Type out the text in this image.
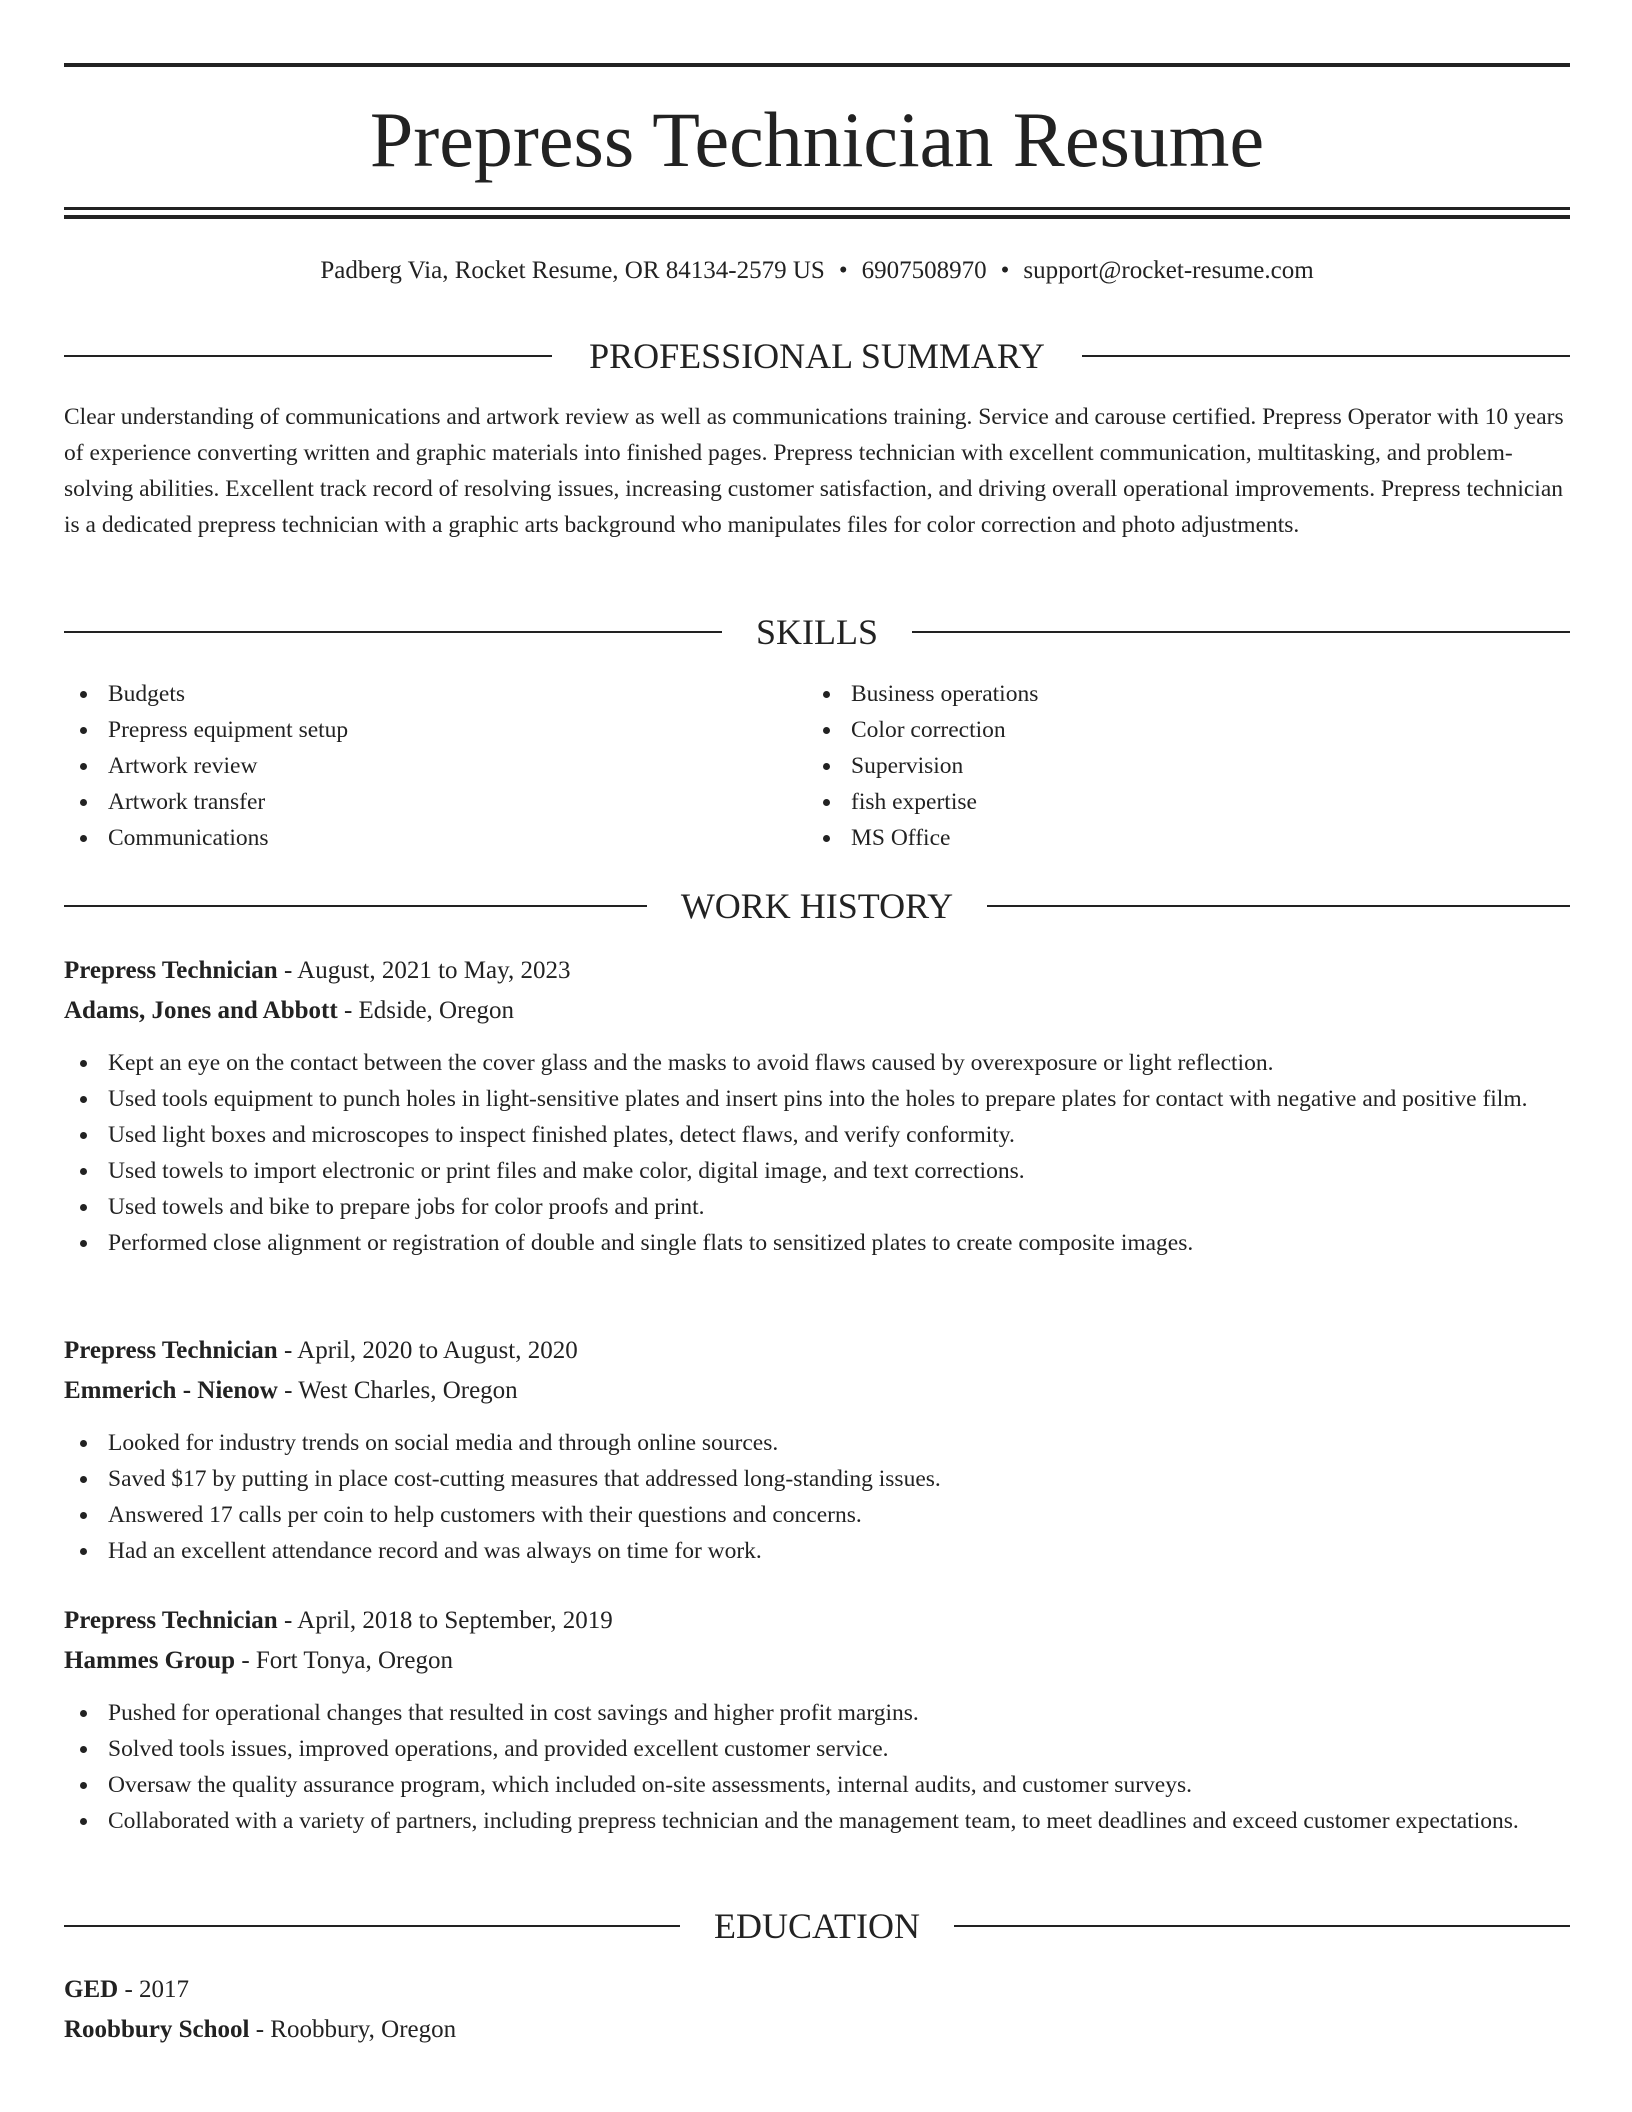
Prepress Technician Resume
Padberg Via, Rocket Resume, OR 84134-2579 US • 6907508970 • support@rocket-resume.com
PROFESSIONAL SUMMARY

Clear understanding of communications and artwork review as well as communications training. Service and carouse certified. Prepress Operator with 10 years of experience converting written and graphic materials into finished pages. Prepress technician with excellent communication, multitasking, and problem-solving abilities. Excellent track record of resolving issues, increasing customer satisfaction, and driving overall operational improvements. Prepress technician is a dedicated prepress technician with a graphic arts background who manipulates files for color correction and photo adjustments.

SKILLS
Budgets
Prepress equipment setup
Artwork review
Artwork transfer
Communications
Business operations
Color correction
Supervision
fish expertise
MS Office
WORK HISTORY
Prepress Technician - August, 2021 to May, 2023
Adams, Jones and Abbott - Edside, Oregon
Kept an eye on the contact between the cover glass and the masks to avoid flaws caused by overexposure or light reflection.
Used tools equipment to punch holes in light-sensitive plates and insert pins into the holes to prepare plates for contact with negative and positive film.
Used light boxes and microscopes to inspect finished plates, detect flaws, and verify conformity.
Used towels to import electronic or print files and make color, digital image, and text corrections.
Used towels and bike to prepare jobs for color proofs and print.
Performed close alignment or registration of double and single flats to sensitized plates to create composite images.
Prepress Technician - April, 2020 to August, 2020
Emmerich - Nienow - West Charles, Oregon
Looked for industry trends on social media and through online sources.
Saved $17 by putting in place cost-cutting measures that addressed long-standing issues.
Answered 17 calls per coin to help customers with their questions and concerns.
Had an excellent attendance record and was always on time for work.
Prepress Technician - April, 2018 to September, 2019
Hammes Group - Fort Tonya, Oregon
Pushed for operational changes that resulted in cost savings and higher profit margins.
Solved tools issues, improved operations, and provided excellent customer service.
Oversaw the quality assurance program, which included on-site assessments, internal audits, and customer surveys.
Collaborated with a variety of partners, including prepress technician and the management team, to meet deadlines and exceed customer expectations.
EDUCATION
GED - 2017
Roobbury School - Roobbury, Oregon
